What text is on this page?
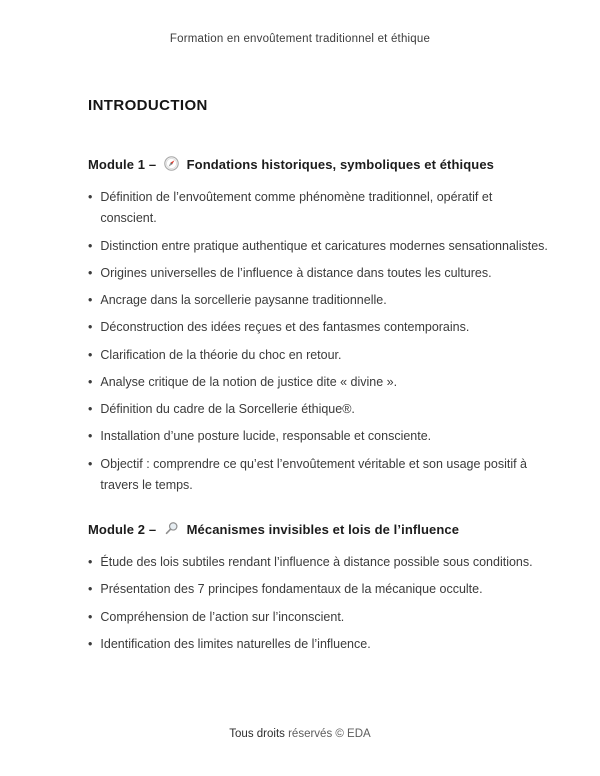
Formation en envoûtement traditionnel et éthique
INTRODUCTION
Module 1 – Fondations historiques, symboliques et éthiques
• Définition de l’envoûtement comme phénomène traditionnel, opératif et conscient.
• Distinction entre pratique authentique et caricatures modernes sensationnalistes.
• Origines universelles de l’influence à distance dans toutes les cultures.
• Ancrage dans la sorcellerie paysanne traditionnelle.
• Déconstruction des idées reçues et des fantasmes contemporains.
• Clarification de la théorie du choc en retour.
• Analyse critique de la notion de justice dite « divine ».
• Définition du cadre de la Sorcellerie éthique®.
• Installation d’une posture lucide, responsable et consciente.
• Objectif : comprendre ce qu’est l’envoûtement véritable et son usage positif à travers le temps.
Module 2 – Mécanismes invisibles et lois de l’influence
• Étude des lois subtiles rendant l’influence à distance possible sous conditions.
• Présentation des 7 principes fondamentaux de la mécanique occulte.
• Compréhension de l’action sur l’inconscient.
• Identification des limites naturelles de l’influence.
Tous droits réservés © EDA
